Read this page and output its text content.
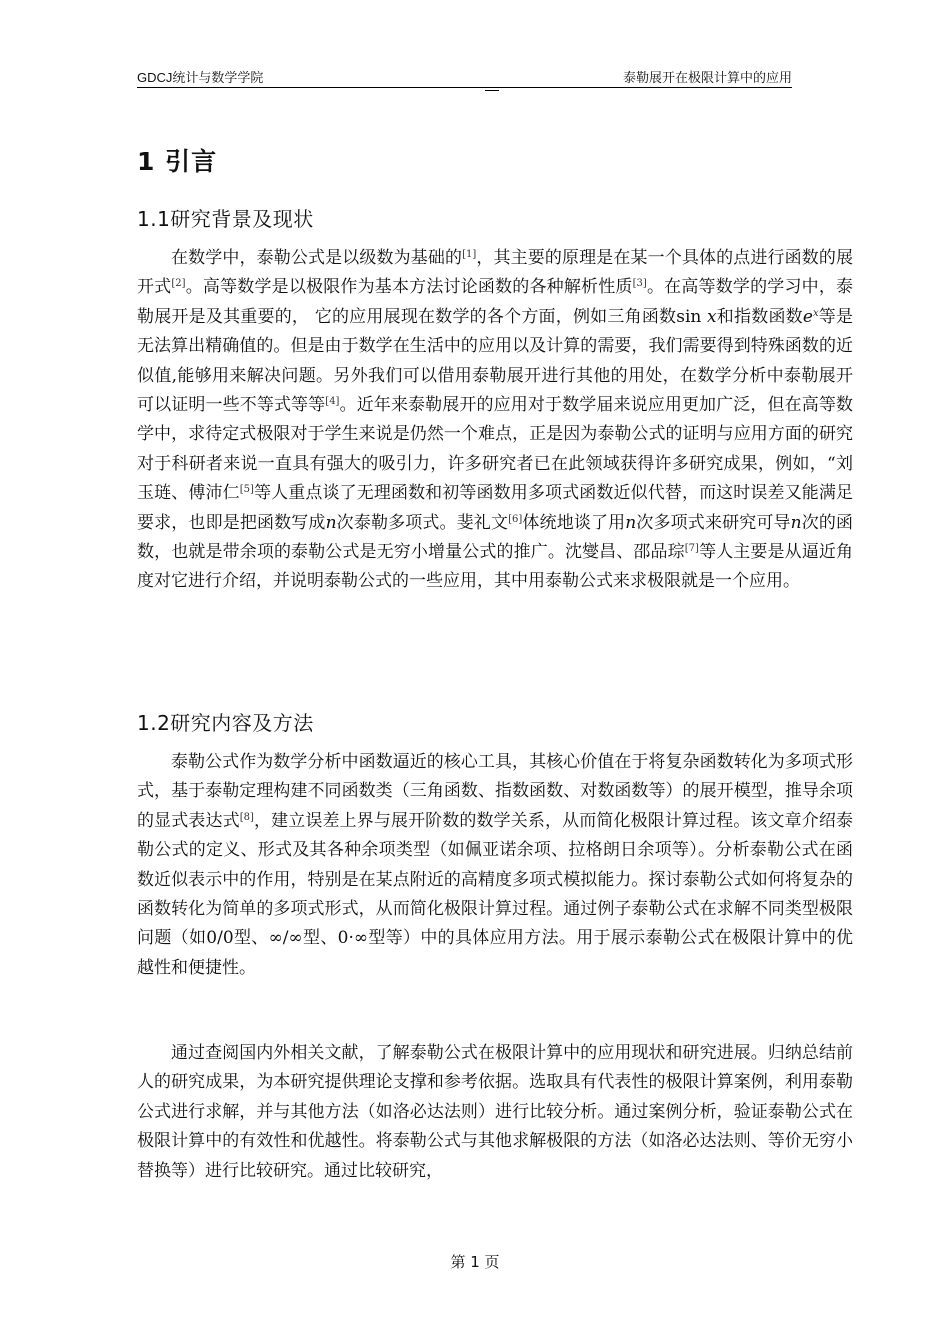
GDCJ统计与数学学院	泰勒展开在极限计算中的应用
1 引言
1.1研究背景及现状

在数学中，泰勒公式是以级数为基础的[1]，其主要的原理是在某一个具体的点进行函数的展开式[2]。高等数学是以极限作为基本方法讨论函数的各种解析性质[3]。在高等数学的学习中，泰勒展开是及其重要的， 它的应用展现在数学的各个方面，例如三角函数sin x和指数函数$e^x$等是无法算出精确值的。但是由于数学在生活中的应用以及计算的需要，我们需要得到特殊函数的近似值,能够用来解决问题。另外我们可以借用泰勒展开进行其他的用处，在数学分析中泰勒展开可以证明一些不等式等等[4]。近年来泰勒展开的应用对于数学届来说应用更加广泛，但在高等数学中，求待定式极限对于学生来说是仍然一个难点，正是因为泰勒公式的证明与应用方面的研究对于科研者来说一直具有强大的吸引力，许多研究者已在此领域获得许多研究成果，例如，“刘玉琏、傅沛仁[5]等人重点谈了无理函数和初等函数用多项式函数近似代替，而这时误差又能满足要求，也即是把函数写成n次泰勒多项式。斐礼文[6]体统地谈了用n次多项式来研究可导n次的函数，也就是带余项的泰勒公式是无穷小增量公式的推广。沈燮昌、邵品琮[7]等人主要是从逼近角度对它进行介绍，并说明泰勒公式的一些应用，其中用泰勒公式来求极限就是一个应用。

1.2研究内容及方法

泰勒公式作为数学分析中函数逼近的核心工具，其核心价值在于将复杂函数转化为多项式形式，基于泰勒定理构建不同函数类（三角函数、指数函数、对数函数等）的展开模型，推导余项的显式表达式[8]，建立误差上界与展开阶数的数学关系，从而简化极限计算过程。该文章介绍泰勒公式的定义、形式及其各种余项类型（如佩亚诺余项、拉格朗日余项等）。分析泰勒公式在函数近似表示中的作用，特别是在某点附近的高精度多项式模拟能力。探讨泰勒公式如何将复杂的函数转化为简单的多项式形式，从而简化极限计算过程。通过例子泰勒公式在求解不同类型极限问题（如0/0型、∞/∞型、0·∞型等）中的具体应用方法。用于展示泰勒公式在极限计算中的优越性和便捷性。

通过查阅国内外相关文献，了解泰勒公式在极限计算中的应用现状和研究进展。归纳总结前人的研究成果，为本研究提供理论支撑和参考依据。选取具有代表性的极限计算案例，利用泰勒公式进行求解，并与其他方法（如洛必达法则）进行比较分析。通过案例分析，验证泰勒公式在极限计算中的有效性和优越性。将泰勒公式与其他求解极限的方法（如洛必达法则、等价无穷小替换等）进行比较研究。通过比较研究，

第 1 页
